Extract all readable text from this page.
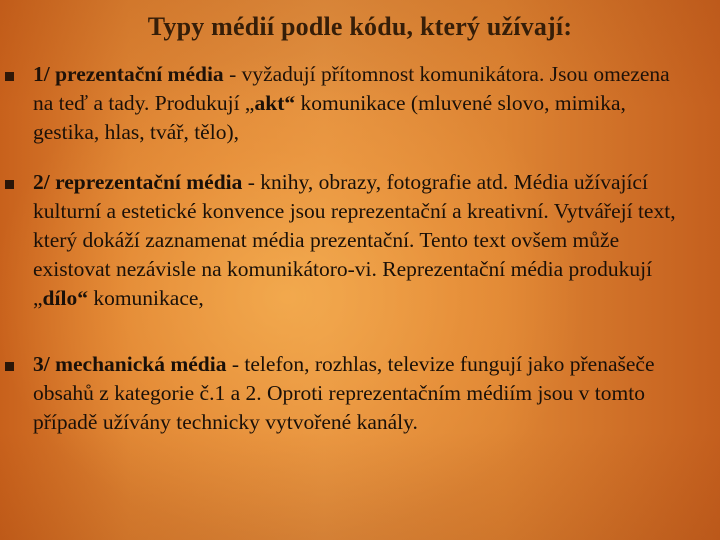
Typy médií podle kódu, který užívají:
1/ prezentační média - vyžadují přítomnost komunikátora. Jsou omezena na teď a tady. Produkují „akt“ komunikace (mluvené slovo, mimika, gestika, hlas, tvář, tělo),
2/ reprezentační média - knihy, obrazy, fotografie atd. Média užívající kulturní a estetické konvence jsou reprezentační a kreativní. Vytvářejí text, který dokáží zaznamenat média prezentační. Tento text ovšem může existovat nezávisle na komunikátoro-vi. Reprezentační média produkují „dílo“ komunikace,
3/ mechanická média - telefon, rozhlas, televize fungují jako přenašeče obsahů z kategorie č.1 a 2. Oproti reprezentačním médiím jsou v tomto případě užívány technicky vytvořené kanály.
